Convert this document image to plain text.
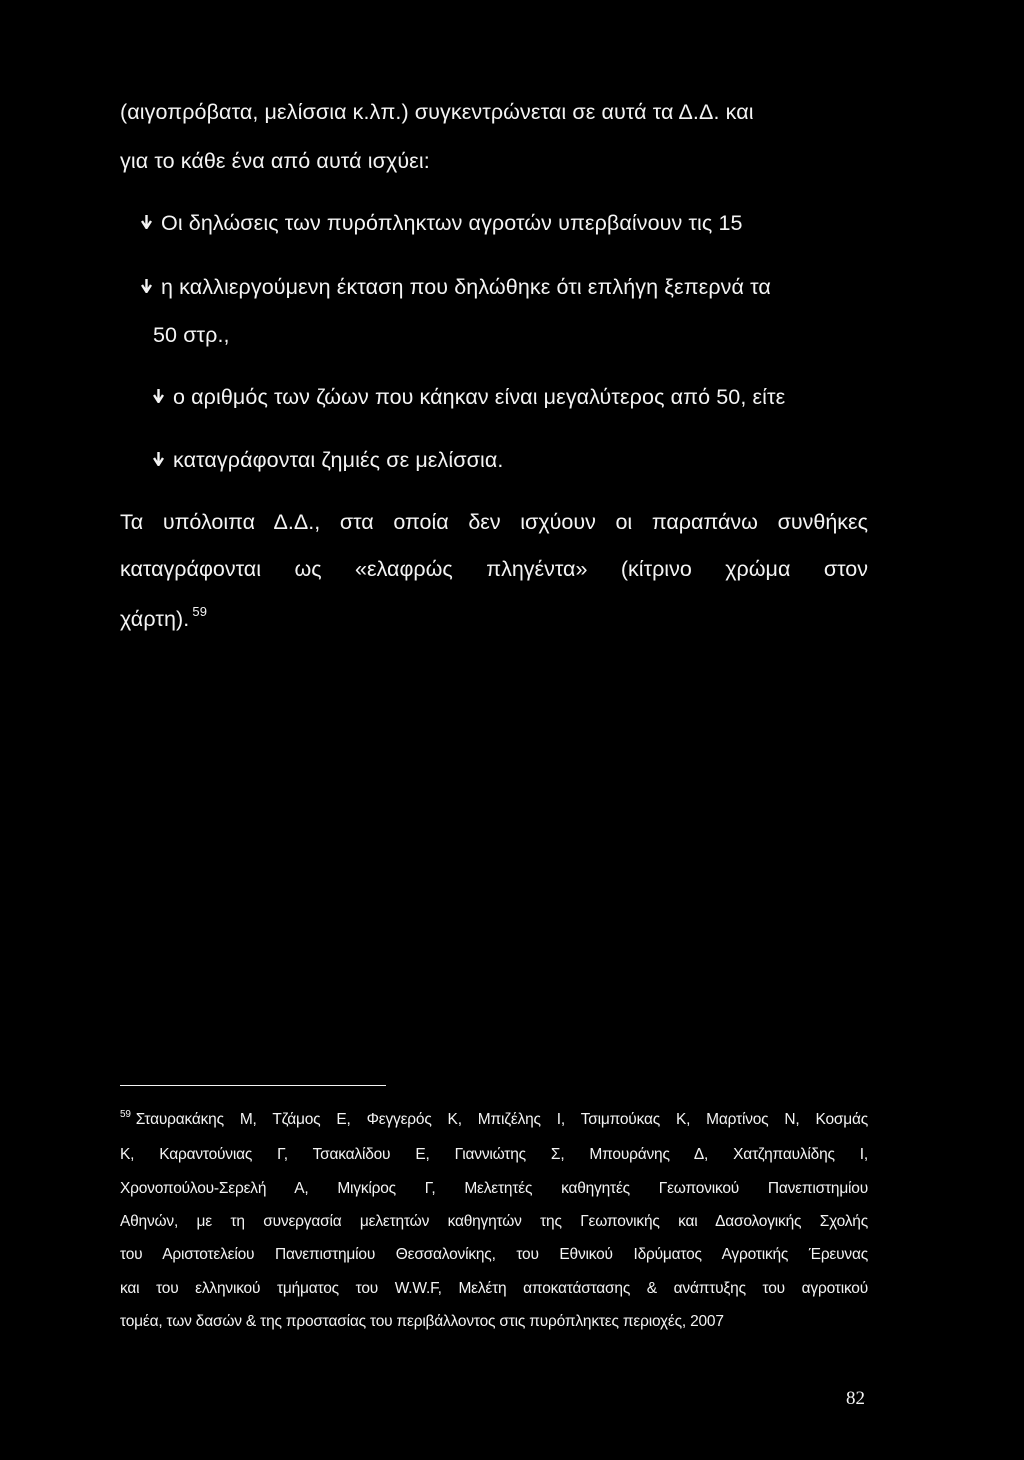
(αιγοπρόβατα, μελίσσια κ.λπ.) συγκεντρώνεται σε αυτά τα Δ.Δ. και
για το κάθε ένα από αυτά ισχύει:
Οι δηλώσεις των πυρόπληκτων αγροτών υπερβαίνουν τις 15
η καλλιεργούμενη έκταση που δηλώθηκε ότι επλήγη ξεπερνά τα
50 στρ.,
ο αριθμός των ζώων που κάηκαν είναι μεγαλύτερος από 50, είτε
καταγράφονται ζημιές σε μελίσσια.
Τα υπόλοιπα Δ.Δ., στα οποία δεν ισχύουν οι παραπάνω συνθήκες
καταγράφονται ως «ελαφρώς πληγέντα» (κίτρινο χρώμα στον
χάρτη). $^{59}$
$^{59}$ Σταυρακάκης Μ, Τζάμος Ε, Φεγγερός Κ, Μπιζέλης Ι, Τσιμπούκας Κ, Μαρτίνος Ν, Κοσμάς
Κ, Καραντούνιας Γ, Τσακαλίδου Ε, Γιαννιώτης Σ, Μπουράνης Δ, Χατζηπαυλίδης Ι,
Χρονοπούλου-Σερελή Α, Μιγκίρος Γ, Μελετητές καθηγητές Γεωπονικού Πανεπιστημίου
Αθηνών, με τη συνεργασία μελετητών καθηγητών της Γεωπονικής και Δασολογικής Σχολής
του Αριστοτελείου Πανεπιστημίου Θεσσαλονίκης, του Εθνικού Ιδρύματος Αγροτικής Έρευνας
και του ελληνικού τμήματος του W.W.F, Μελέτη αποκατάστασης & ανάπτυξης του αγροτικού
τομέα, των δασών & της προστασίας του περιβάλλοντος στις πυρόπληκτες περιοχές, 2007
82
